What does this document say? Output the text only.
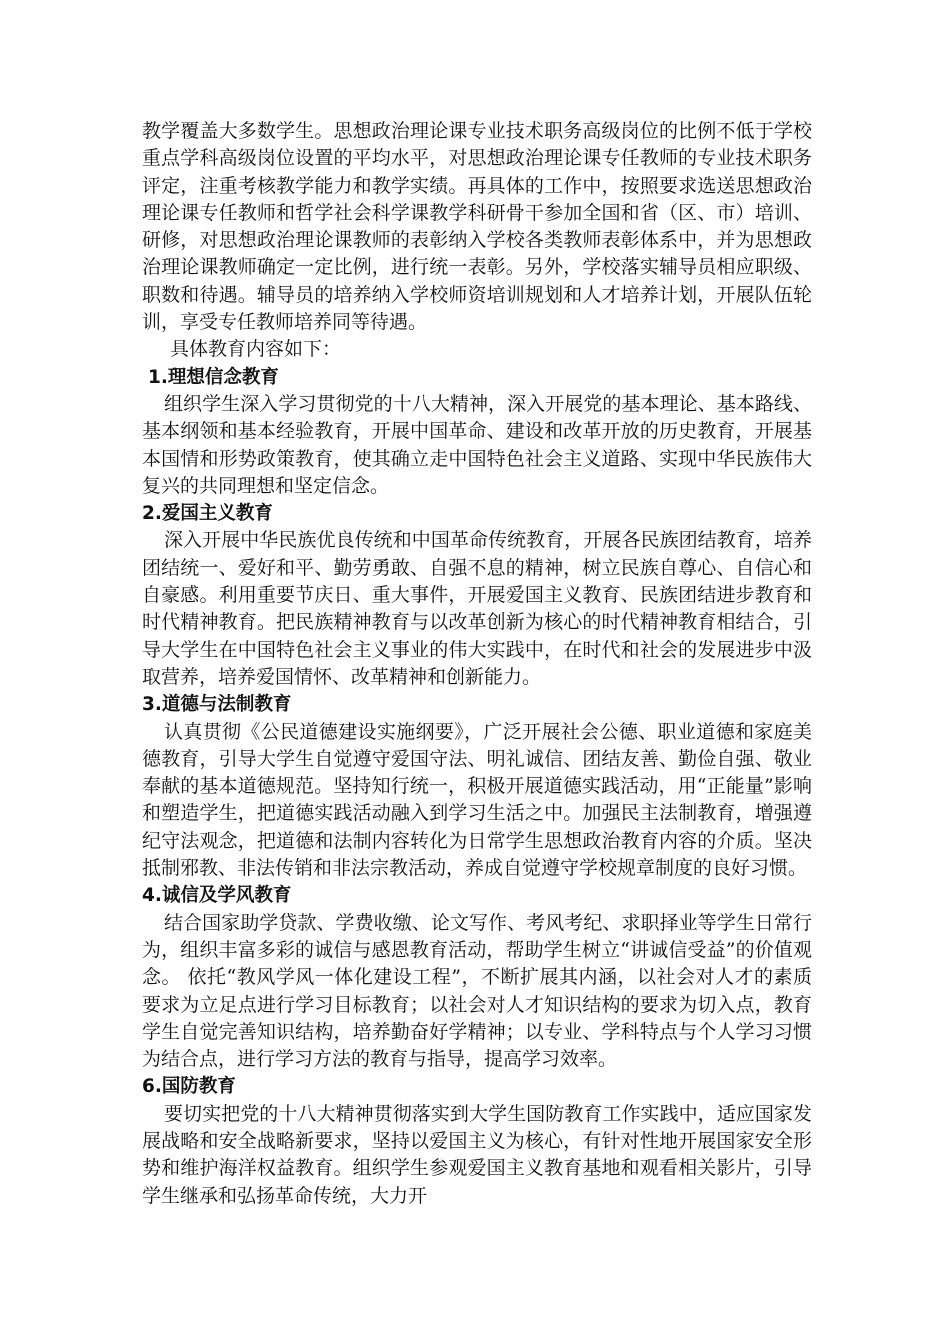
教学覆盖大多数学生。思想政治理论课专业技术职务高级岗位的比例不低于学校重点学科高级岗位设置的平均水平，对思想政治理论课专任教师的专业技术职务评定，注重考核教学能力和教学实绩。再具体的工作中，按照要求选送思想政治理论课专任教师和哲学社会科学课教学科研骨干参加全国和省（区、市）培训、研修，对思想政治理论课教师的表彰纳入学校各类教师表彰体系中，并为思想政治理论课教师确定一定比例，进行统一表彰。另外，学校落实辅导员相应职级、职数和待遇。辅导员的培养纳入学校师资培训规划和人才培养计划，开展队伍轮训，享受专任教师培养同等待遇。

具体教育内容如下：

1.理想信念教育

组织学生深入学习贯彻党的十八大精神，深入开展党的基本理论、基本路线、基本纲领和基本经验教育，开展中国革命、建设和改革开放的历史教育，开展基本国情和形势政策教育，使其确立走中国特色社会主义道路、实现中华民族伟大复兴的共同理想和坚定信念。

2.爱国主义教育

深入开展中华民族优良传统和中国革命传统教育，开展各民族团结教育，培养团结统一、爱好和平、勤劳勇敢、自强不息的精神，树立民族自尊心、自信心和自豪感。利用重要节庆日、重大事件，开展爱国主义教育、民族团结进步教育和时代精神教育。把民族精神教育与以改革创新为核心的时代精神教育相结合，引导大学生在中国特色社会主义事业的伟大实践中，在时代和社会的发展进步中汲取营养，培养爱国情怀、改革精神和创新能力。

3.道德与法制教育

认真贯彻《公民道德建设实施纲要》，广泛开展社会公德、职业道德和家庭美德教育，引导大学生自觉遵守爱国守法、明礼诚信、团结友善、勤俭自强、敬业奉献的基本道德规范。坚持知行统一，积极开展道德实践活动，用“正能量”影响和塑造学生，把道德实践活动融入到学习生活之中。加强民主法制教育，增强遵纪守法观念，把道德和法制内容转化为日常学生思想政治教育内容的介质。坚决抵制邪教、非法传销和非法宗教活动，养成自觉遵守学校规章制度的良好习惯。

4.诚信及学风教育

结合国家助学贷款、学费收缴、论文写作、考风考纪、求职择业等学生日常行为，组织丰富多彩的诚信与感恩教育活动，帮助学生树立“讲诚信受益”的价值观念。 依托“教风学风一体化建设工程”，不断扩展其内涵，以社会对人才的素质要求为立足点进行学习目标教育；以社会对人才知识结构的要求为切入点，教育学生自觉完善知识结构，培养勤奋好学精神；以专业、学科特点与个人学习习惯为结合点，进行学习方法的教育与指导，提高学习效率。

6.国防教育

要切实把党的十八大精神贯彻落实到大学生国防教育工作实践中，适应国家发展战略和安全战略新要求，坚持以爱国主义为核心，有针对性地开展国家安全形势和维护海洋权益教育。组织学生参观爱国主义教育基地和观看相关影片，引导学生继承和弘扬革命传统，大力开
